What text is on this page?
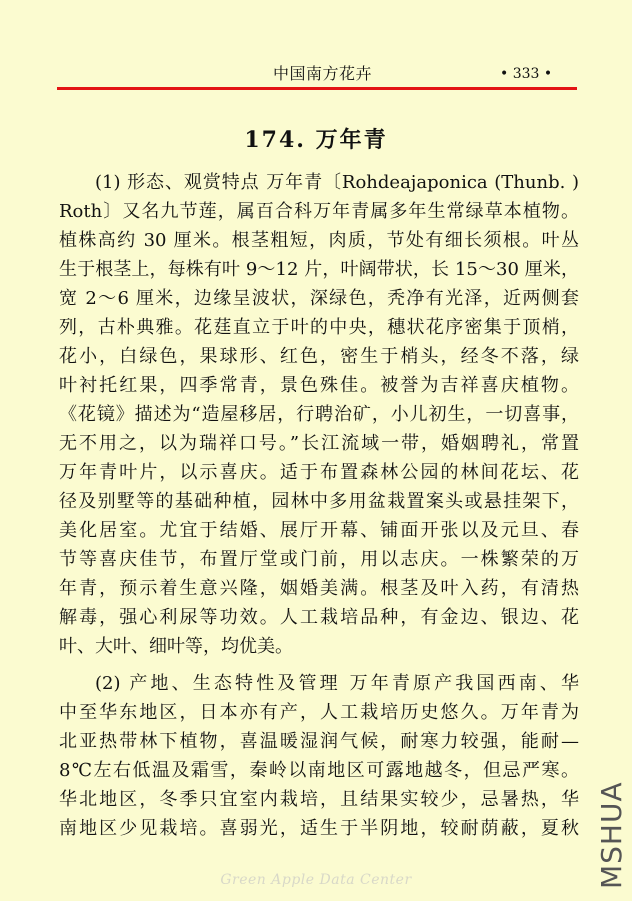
中国南方花卉	• 333 •
174. 万年青
(1) 形态、观赏特点 万年青〔Rohdeajaponica (Thunb. )
Roth〕又名九节莲，属百合科万年青属多年生常绿草本植物。
植株高约 30 厘米。根茎粗短，肉质，节处有细长须根。叶丛
生于根茎上，每株有叶 9～12 片，叶阔带状，长 15～30 厘米，
宽 2～6 厘米，边缘呈波状，深绿色，秃净有光泽，近两侧套
列，古朴典雅。花莛直立于叶的中央，穗状花序密集于顶梢，
花小，白绿色，果球形、红色，密生于梢头，经冬不落，绿
叶衬托红果，四季常青，景色殊佳。被誉为吉祥喜庆植物。
《花镜》描述为“造屋移居，行聘治矿，小儿初生，一切喜事，
无不用之，以为瑞祥口号。”长江流域一带，婚姻聘礼，常置
万年青叶片，以示喜庆。适于布置森林公园的林间花坛、花
径及别墅等的基础种植，园林中多用盆栽置案头或悬挂架下，
美化居室。尤宜于结婚、展厅开幕、铺面开张以及元旦、春
节等喜庆佳节，布置厅堂或门前，用以志庆。一株繁荣的万
年青，预示着生意兴隆，姻婚美满。根茎及叶入药，有清热
解毒，强心利尿等功效。人工栽培品种，有金边、银边、花
叶、大叶、细叶等，均优美。
(2) 产地、生态特性及管理 万年青原产我国西南、华
中至华东地区，日本亦有产，人工栽培历史悠久。万年青为
北亚热带林下植物，喜温暖湿润气候，耐寒力较强，能耐—
8℃左右低温及霜雪，秦岭以南地区可露地越冬，但忌严寒。
华北地区，冬季只宜室内栽培，且结果实较少，忌暑热，华
南地区少见栽培。喜弱光，适生于半阴地，较耐荫蔽，夏秋
Green Apple Data Center	MSHUA
